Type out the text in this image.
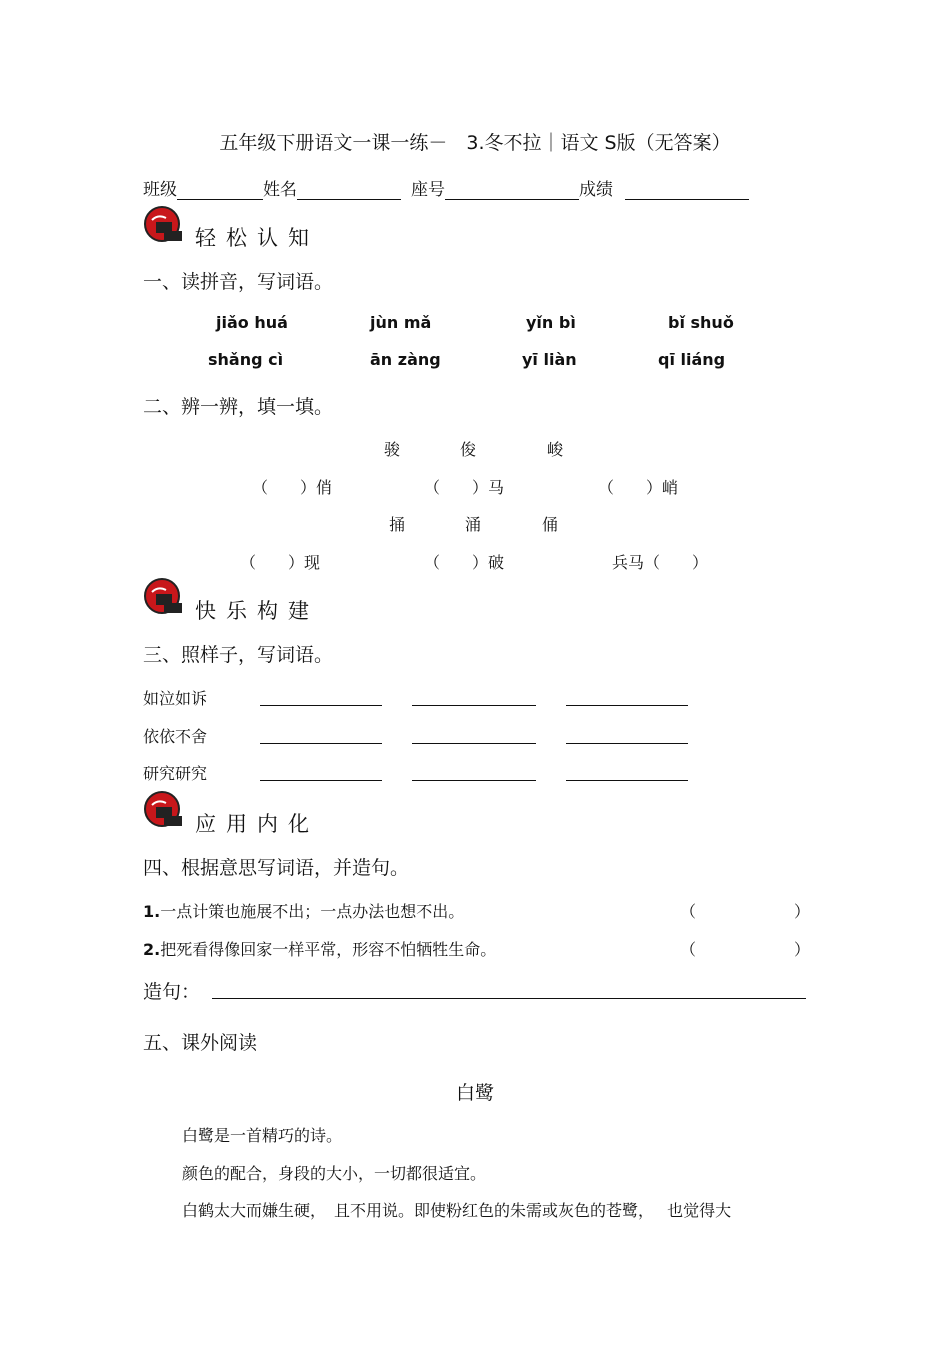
五年级下册语文一课一练－　3.冬不拉｜语文 S版（无答案）
班级	姓名	座号	成绩
轻松认知
一、读拼音，写词语。
jiǎo huá	jùn mǎ	yǐn bì	bǐ shuǒ
shǎng cì	ān zàng	yī liàn	qī liáng
二、辨一辨，填一填。
骏	俊	峻
（　　）俏	（　　）马	（　　）峭
捅	涌	俑
（　　）现	（　　）破	兵马（　　）
快乐构建
三、照样子，写词语。
如泣如诉
依依不舍
研究研究
应用内化
四、根据意思写词语，并造句。
1.一点计策也施展不出；一点办法也想不出。	（	）
2.把死看得像回家一样平常，形容不怕牺牲生命。	（	）
造句：
五、课外阅读
白鹭
白鹭是一首精巧的诗。
颜色的配合，身段的大小，一切都很适宜。
白鹤太大而嫌生硬，　且不用说。即使粉红色的朱需或灰色的苍鹭，　 也觉得大
